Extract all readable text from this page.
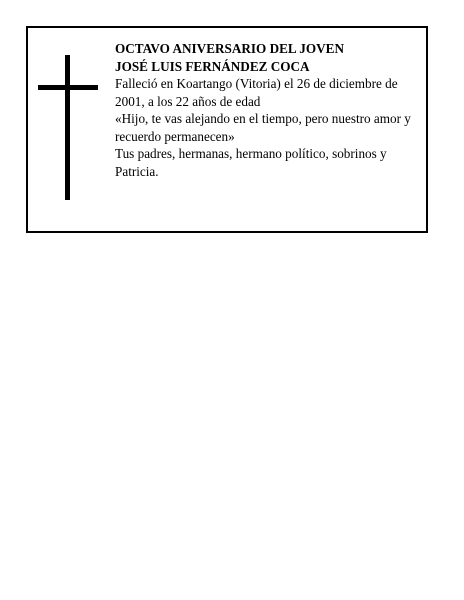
OCTAVO ANIVERSARIO DEL JOVEN
JOSÉ LUIS FERNÁNDEZ COCA
Falleció en Koartango (Vitoria) el 26 de diciembre de 2001, a los 22 años de edad
«Hijo, te vas alejando en el tiempo, pero nuestro amor y recuerdo permanecen»
Tus padres, hermanas, hermano político, sobrinos y Patricia.
